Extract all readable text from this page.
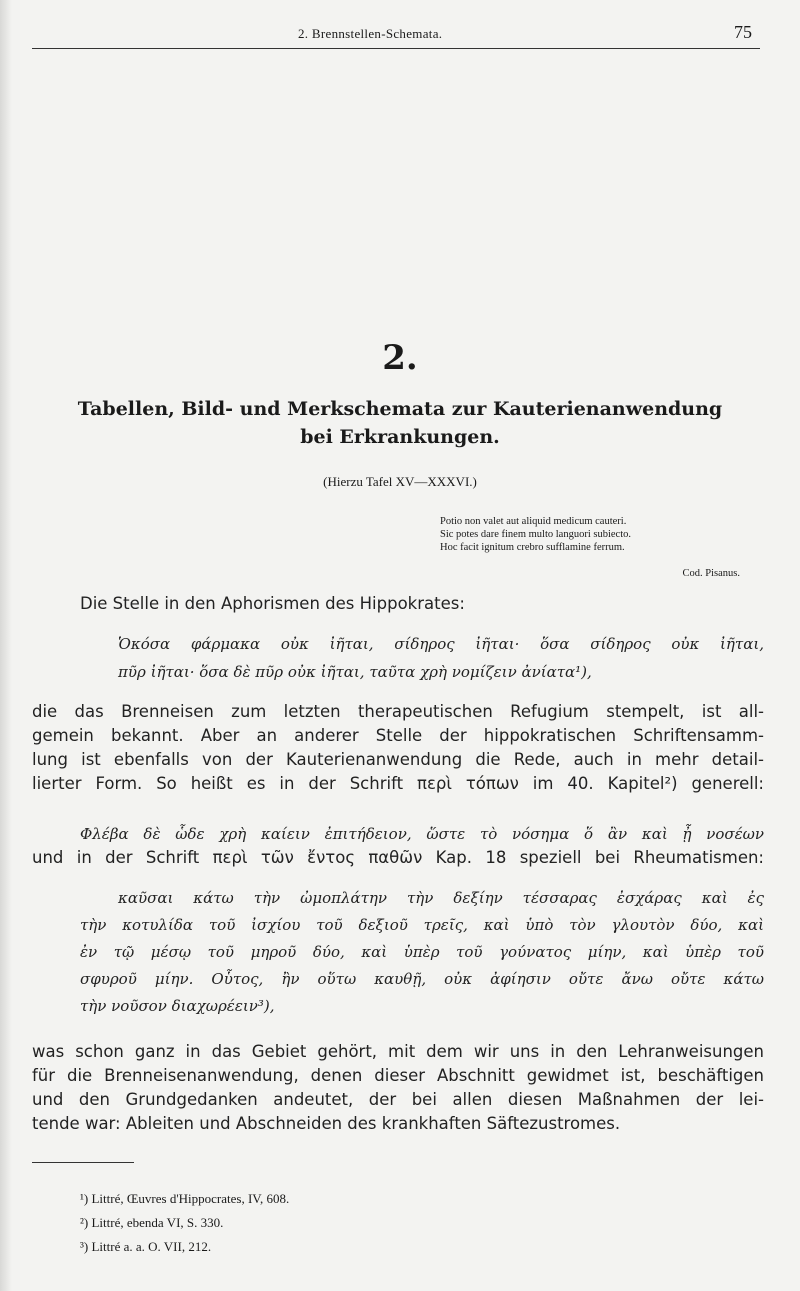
2. Brennstellen-Schemata.	75
2.
Tabellen, Bild- und Merkschemata zur Kauterienanwendung
bei Erkrankungen.
(Hierzu Tafel XV—XXXVI.)
Potio non valet aut aliquid medicum cauteri.
Sic potes dare finem multo languori subiecto.
Hoc facit ignitum crebro sufflamine ferrum.
Cod. Pisanus.
Die Stelle in den Aphorismen des Hippokrates:
Ὁκόσα φάρμακα οὐκ ἰῆται, σίδηρος ἰῆται· ὅσα σίδηρος οὐκ ἰῆται,
πῦρ ἰῆται· ὅσα δὲ πῦρ οὐκ ἰῆται, ταῦτα χρὴ νομίζειν ἀνίατα¹),
die das Brenneisen zum letzten therapeutischen Refugium stempelt, ist all-
gemein bekannt. Aber an anderer Stelle der hippokratischen Schriftensamm-
lung ist ebenfalls von der Kauterienanwendung die Rede, auch in mehr detail-
lierter Form. So heißt es in der Schrift περὶ τόπων im 40. Kapitel²) generell:
Φλέβα δὲ ὧδε χρὴ καίειν ἐπιτήδειον, ὥστε τὸ νόσημα ὅ ἂν καὶ ᾖ νοσέων
und in der Schrift περὶ τῶν ἔντος παθῶν Kap. 18 speziell bei Rheumatismen:
καῦσαι κάτω τὴν ὠμοπλάτην τὴν δεξίην τέσσαρας ἐσχάρας καὶ ἐς
τὴν κοτυλίδα τοῦ ἰσχίου τοῦ δεξιοῦ τρεῖς, καὶ ὑπὸ τὸν γλουτὸν δύο, καὶ
ἐν τῷ μέσῳ τοῦ μηροῦ δύο, καὶ ὑπὲρ τοῦ γούνατος μίην, καὶ ὑπὲρ τοῦ
σφυροῦ μίην. Οὗτος, ἢν οὕτω καυθῇ, οὐκ ἀφίησιν οὔτε ἄνω οὔτε κάτω
τὴν νοῦσον διαχωρέειν³),
was schon ganz in das Gebiet gehört, mit dem wir uns in den Lehranweisungen
für die Brenneisenanwendung, denen dieser Abschnitt gewidmet ist, beschäftigen
und den Grundgedanken andeutet, der bei allen diesen Maßnahmen der lei-
tende war: Ableiten und Abschneiden des krankhaften Säftezustromes.
¹) Littré, Œuvres d'Hippocrates, IV, 608.
²) Littré, ebenda VI, S. 330.
³) Littré a. a. O. VII, 212.
